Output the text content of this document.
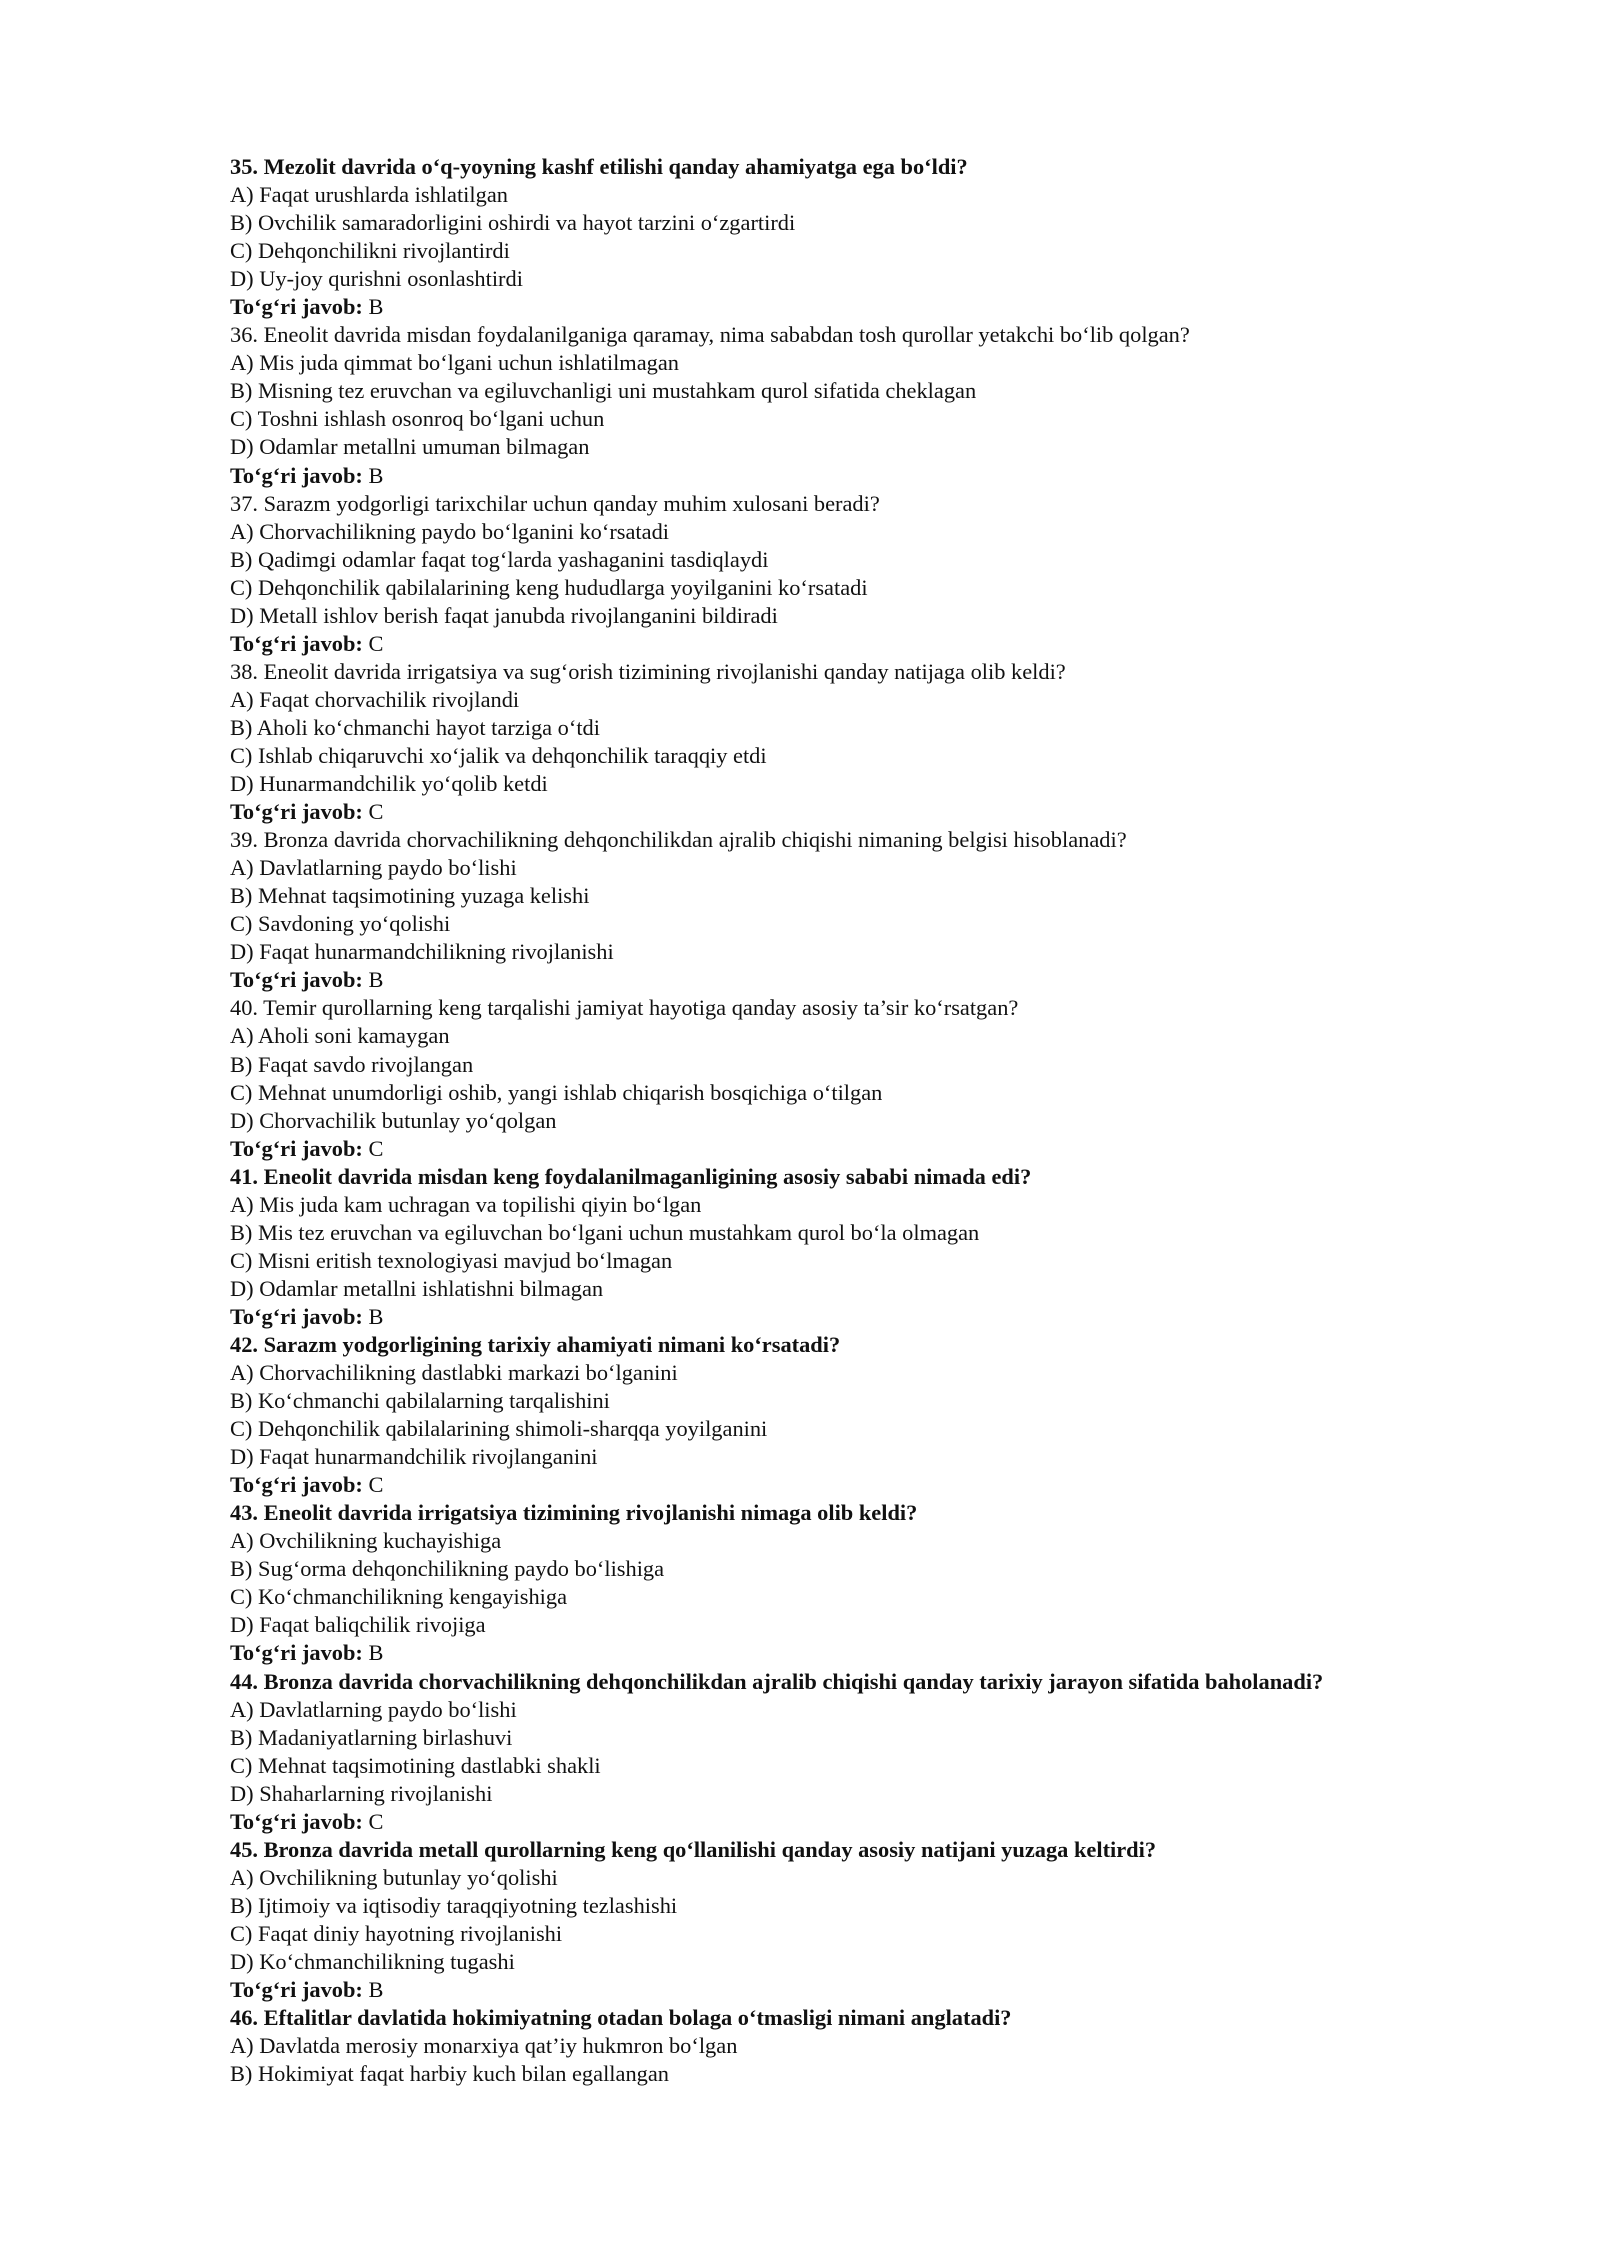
35. Mezolit davrida o‘q-yoyning kashf etilishi qanday ahamiyatga ega bo‘ldi?

A) Faqat urushlarda ishlatilgan

B) Ovchilik samaradorligini oshirdi va hayot tarzini o‘zgartirdi

C) Dehqonchilikni rivojlantirdi

D) Uy-joy qurishni osonlashtirdi

To‘g‘ri javob: B

36. Eneolit davrida misdan foydalanilganiga qaramay, nima sababdan tosh qurollar yetakchi bo‘lib qolgan?

A) Mis juda qimmat bo‘lgani uchun ishlatilmagan

B) Misning tez eruvchan va egiluvchanligi uni mustahkam qurol sifatida cheklagan

C) Toshni ishlash osonroq bo‘lgani uchun

D) Odamlar metallni umuman bilmagan

To‘g‘ri javob: B

37. Sarazm yodgorligi tarixchilar uchun qanday muhim xulosani beradi?

A) Chorvachilikning paydo bo‘lganini ko‘rsatadi

B) Qadimgi odamlar faqat tog‘larda yashaganini tasdiqlaydi

C) Dehqonchilik qabilalarining keng hududlarga yoyilganini ko‘rsatadi

D) Metall ishlov berish faqat janubda rivojlanganini bildiradi

To‘g‘ri javob: C

38. Eneolit davrida irrigatsiya va sug‘orish tizimining rivojlanishi qanday natijaga olib keldi?

A) Faqat chorvachilik rivojlandi

B) Aholi ko‘chmanchi hayot tarziga o‘tdi

C) Ishlab chiqaruvchi xo‘jalik va dehqonchilik taraqqiy etdi

D) Hunarmandchilik yo‘qolib ketdi

To‘g‘ri javob: C

39. Bronza davrida chorvachilikning dehqonchilikdan ajralib chiqishi nimaning belgisi hisoblanadi?

A) Davlatlarning paydo bo‘lishi

B) Mehnat taqsimotining yuzaga kelishi

C) Savdoning yo‘qolishi

D) Faqat hunarmandchilikning rivojlanishi

To‘g‘ri javob: B

40. Temir qurollarning keng tarqalishi jamiyat hayotiga qanday asosiy ta’sir ko‘rsatgan?

A) Aholi soni kamaygan

B) Faqat savdo rivojlangan

C) Mehnat unumdorligi oshib, yangi ishlab chiqarish bosqichiga o‘tilgan

D) Chorvachilik butunlay yo‘qolgan

To‘g‘ri javob: C

41. Eneolit davrida misdan keng foydalanilmaganligining asosiy sababi nimada edi?

A) Mis juda kam uchragan va topilishi qiyin bo‘lgan

B) Mis tez eruvchan va egiluvchan bo‘lgani uchun mustahkam qurol bo‘la olmagan

C) Misni eritish texnologiyasi mavjud bo‘lmagan

D) Odamlar metallni ishlatishni bilmagan

To‘g‘ri javob: B

42. Sarazm yodgorligining tarixiy ahamiyati nimani ko‘rsatadi?

A) Chorvachilikning dastlabki markazi bo‘lganini

B) Ko‘chmanchi qabilalarning tarqalishini

C) Dehqonchilik qabilalarining shimoli-sharqqa yoyilganini

D) Faqat hunarmandchilik rivojlanganini

To‘g‘ri javob: C

43. Eneolit davrida irrigatsiya tizimining rivojlanishi nimaga olib keldi?

A) Ovchilikning kuchayishiga

B) Sug‘orma dehqonchilikning paydo bo‘lishiga

C) Ko‘chmanchilikning kengayishiga

D) Faqat baliqchilik rivojiga

To‘g‘ri javob: B

44. Bronza davrida chorvachilikning dehqonchilikdan ajralib chiqishi qanday tarixiy jarayon sifatida baholanadi?

A) Davlatlarning paydo bo‘lishi

B) Madaniyatlarning birlashuvi

C) Mehnat taqsimotining dastlabki shakli

D) Shaharlarning rivojlanishi

To‘g‘ri javob: C

45. Bronza davrida metall qurollarning keng qo‘llanilishi qanday asosiy natijani yuzaga keltirdi?

A) Ovchilikning butunlay yo‘qolishi

B) Ijtimoiy va iqtisodiy taraqqiyotning tezlashishi

C) Faqat diniy hayotning rivojlanishi

D) Ko‘chmanchilikning tugashi

To‘g‘ri javob: B

46. Eftalitlar davlatida hokimiyatning otadan bolaga o‘tmasligi nimani anglatadi?

A) Davlatda merosiy monarxiya qat’iy hukmron bo‘lgan

B) Hokimiyat faqat harbiy kuch bilan egallangan
